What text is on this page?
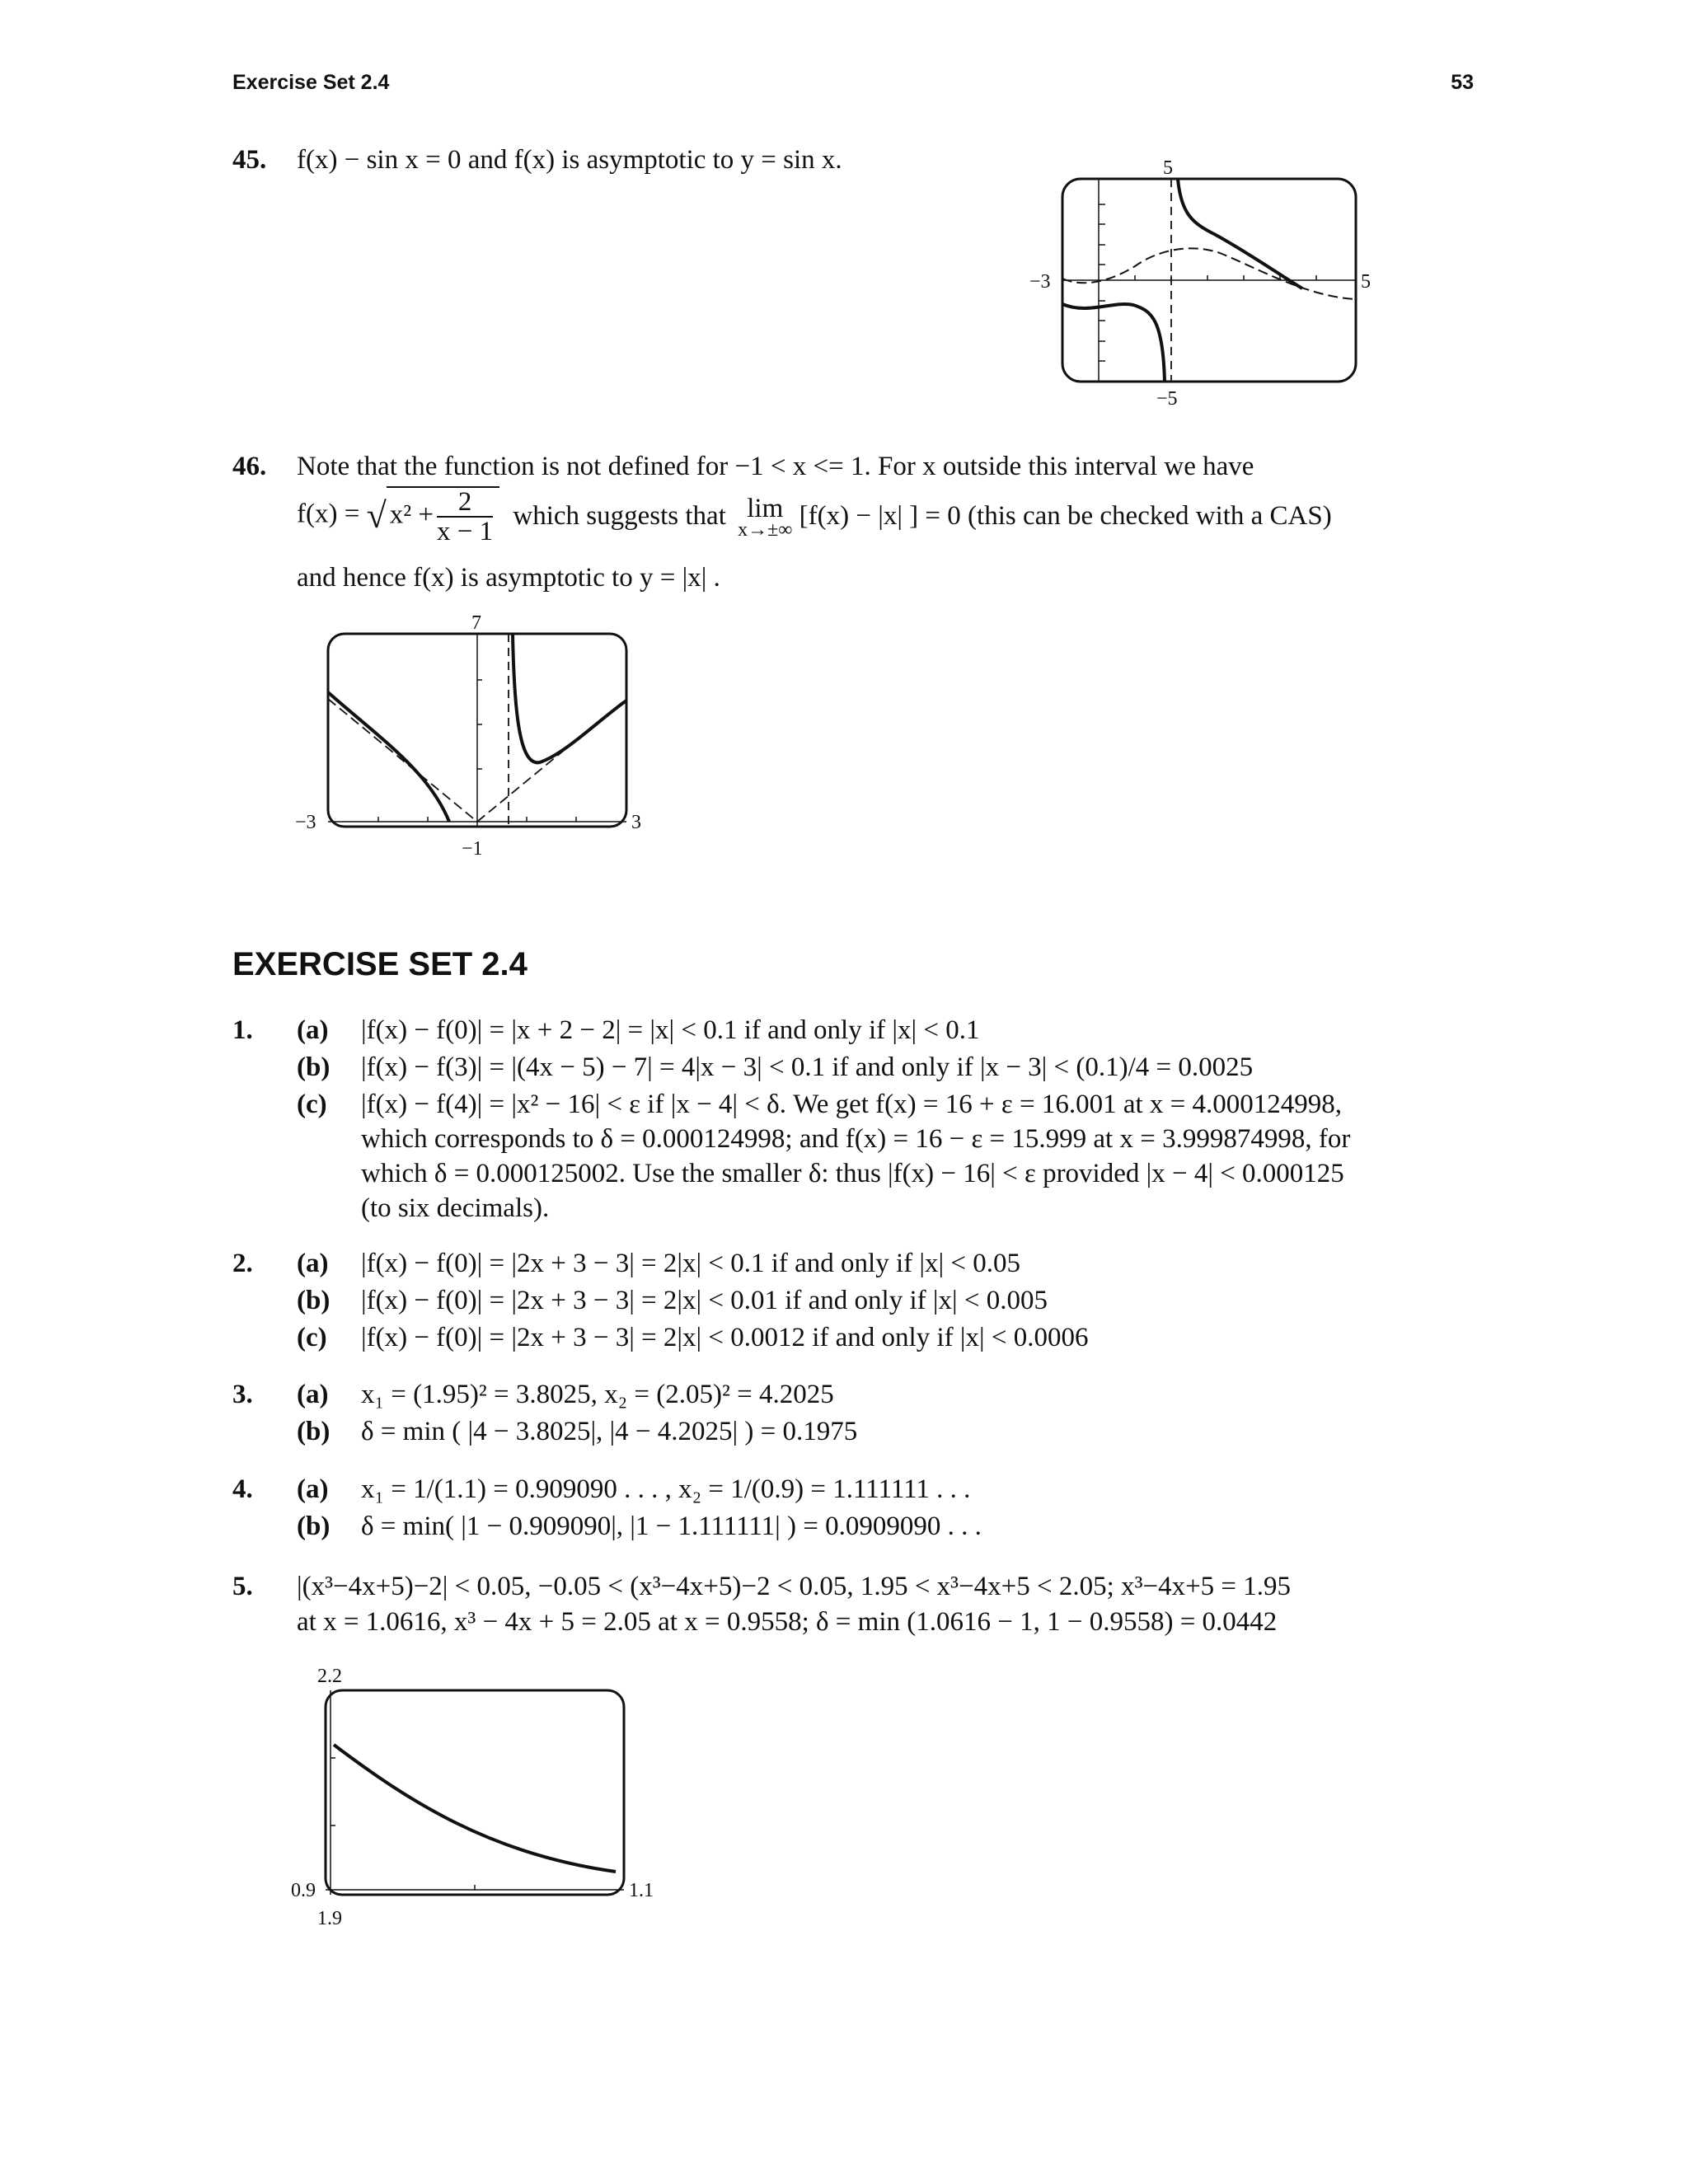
Exercise Set 2.4	53
45. f(x) − sin x = 0 and f(x) is asymptotic to y = sin x.	5
−5
−3	5
46. Note that the function is not defined for −1 < x <= 1. For x outside this interval we have
f(x) = √ $x^2 + \frac{2}{x - 1}$ which suggests that lim
x→±∞ [f(x) − |x| ] = 0 (this can be checked with a CAS)
and hence f(x) is asymptotic to y = |x| .
7
−3	3
−1
EXERCISE SET 2.4
1. (a) |f(x) − f(0)| = |x + 2 − 2| = |x| < 0.1 if and only if |x| < 0.1
(b) |f(x) − f(3)| = |(4x − 5) − 7| = 4|x − 3| < 0.1 if and only if |x − 3| < (0.1)/4 = 0.0025
(c) |f(x) − f(4)| = |x² − 16| < ε if |x − 4| < δ. We get f(x) = 16 + ε = 16.001 at x = 4.000124998,
which corresponds to δ = 0.000124998; and f(x) = 16 − ε = 15.999 at x = 3.999874998, for
which δ = 0.000125002. Use the smaller δ: thus |f(x) − 16| < ε provided |x − 4| < 0.000125
(to six decimals).
2. (a) |f(x) − f(0)| = |2x + 3 − 3| = 2|x| < 0.1 if and only if |x| < 0.05
(b) |f(x) − f(0)| = |2x + 3 − 3| = 2|x| < 0.01 if and only if |x| < 0.005
(c) |f(x) − f(0)| = |2x + 3 − 3| = 2|x| < 0.0012 if and only if |x| < 0.0006
3. (a) x₁ = (1.95)² = 3.8025, x₂ = (2.05)² = 4.2025
(b) δ = min ( |4 − 3.8025|, |4 − 4.2025| ) = 0.1975
4. (a) x₁ = 1/(1.1) = 0.909090 . . . , x₂ = 1/(0.9) = 1.111111 . . .
(b) δ = min( |1 − 0.909090|, |1 − 1.111111| ) = 0.0909090 . . .
5. |(x³−4x+5)−2| < 0.05, −0.05 < (x³−4x+5)−2 < 0.05, 1.95 < x³−4x+5 < 2.05; x³−4x+5 = 1.95
at x = 1.0616, x³ − 4x + 5 = 2.05 at x = 0.9558; δ = min (1.0616 − 1, 1 − 0.9558) = 0.0442
2.2
0.9	1.1
1.9
